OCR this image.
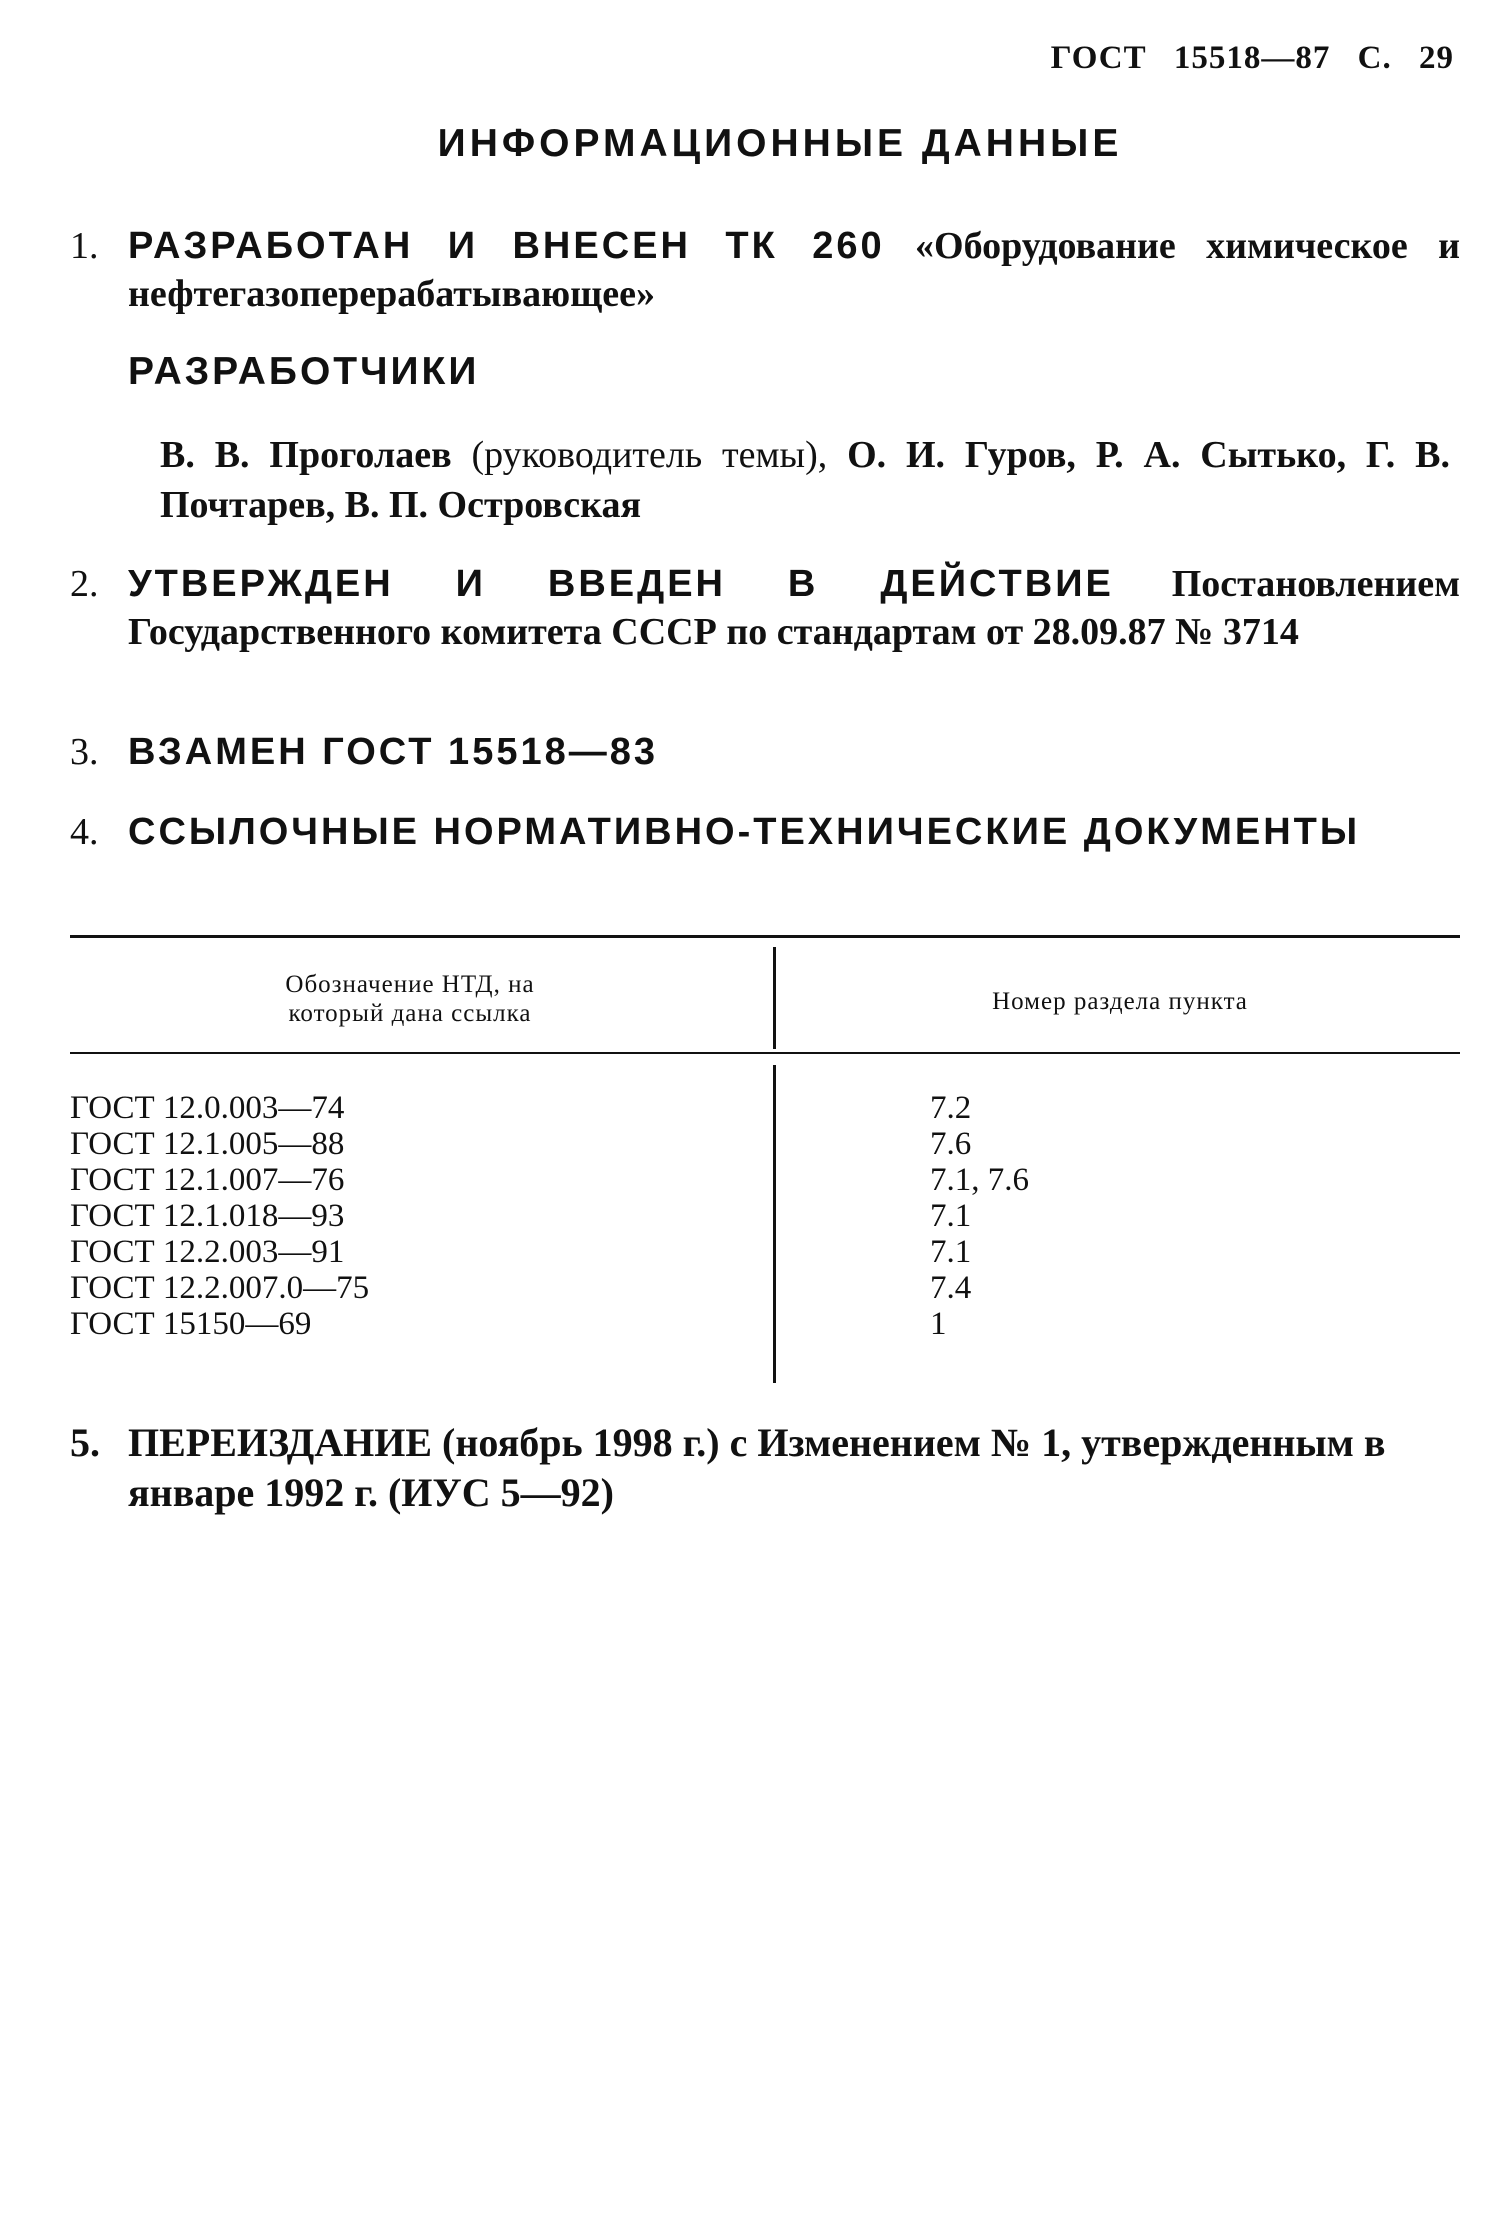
ГОСТ 15518—87 С. 29
ИНФОРМАЦИОННЫЕ ДАННЫЕ
1. РАЗРАБОТАН И ВНЕСЕН ТК 260 «Оборудование химическое и нефтегазоперерабатывающее»
РАЗРАБОТЧИКИ
В. В. Проголаев (руководитель темы), О. И. Гуров, Р. А. Сытько, Г. В. Почтарев, В. П. Островская
2. УТВЕРЖДЕН И ВВЕДЕН В ДЕЙСТВИЕ Постановлением Государственного комитета СССР по стандартам от 28.09.87 № 3714
3. ВЗАМЕН ГОСТ 15518—83
4. ССЫЛОЧНЫЕ НОРМАТИВНО-ТЕХНИЧЕСКИЕ ДОКУМЕНТЫ
Обозначение НТД, на
который дана ссылка	Номер раздела пункта
ГОСТ 12.0.003—74	7.2
ГОСТ 12.1.005—88	7.6
ГОСТ 12.1.007—76	7.1, 7.6
ГОСТ 12.1.018—93	7.1
ГОСТ 12.2.003—91	7.1
ГОСТ 12.2.007.0—75	7.4
ГОСТ 15150—69	1
5. ПЕРЕИЗДАНИЕ (ноябрь 1998 г.) с Изменением № 1, утвержденным в январе 1992 г. (ИУС 5—92)
